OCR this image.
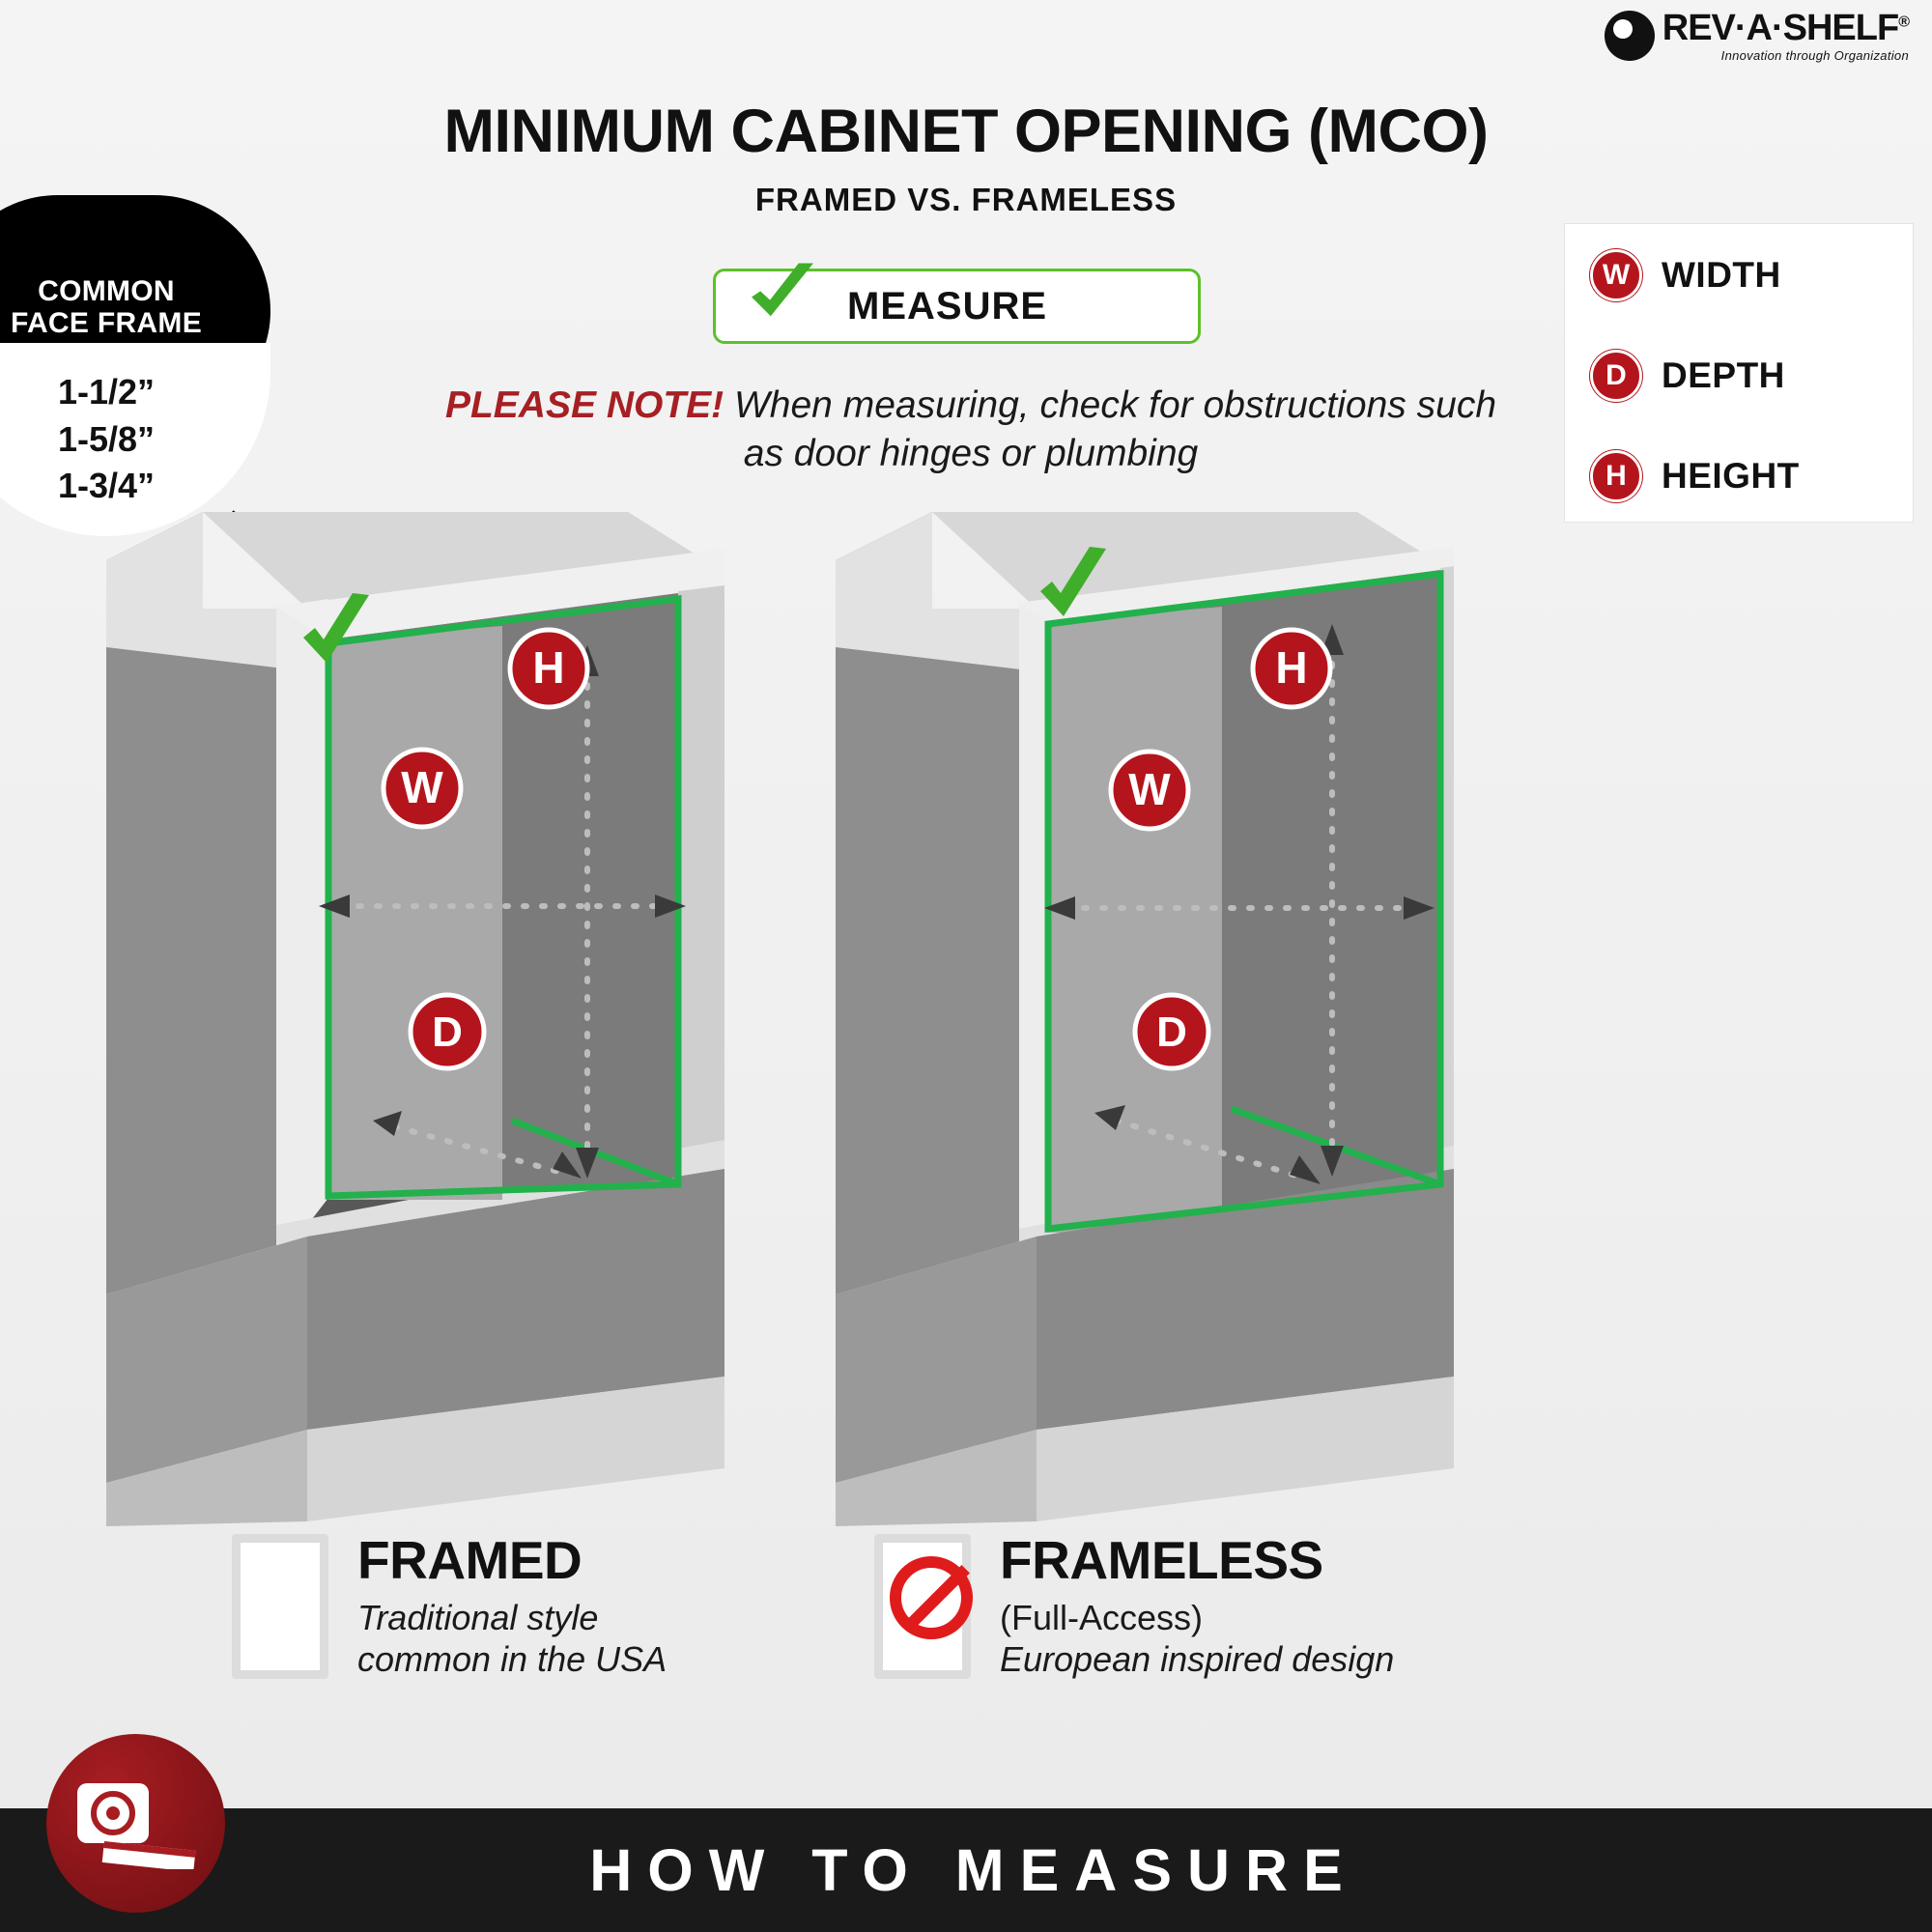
REV·A·SHELF®
Innovation through Organization
MINIMUM CABINET OPENING (MCO)
FRAMED VS. FRAMELESS
COMMON
FACE FRAME
1-1/2”
1-5/8”
1-3/4”
MEASURE
PLEASE NOTE! When measuring, check for obstructions such as door hinges or plumbing
W WIDTH
D DEPTH
H HEIGHT
H
W
D
H
W
D
FRAMED
Traditional style
common in the USA
FRAMELESS
(Full-Access)
European inspired design
HOW TO MEASURE
